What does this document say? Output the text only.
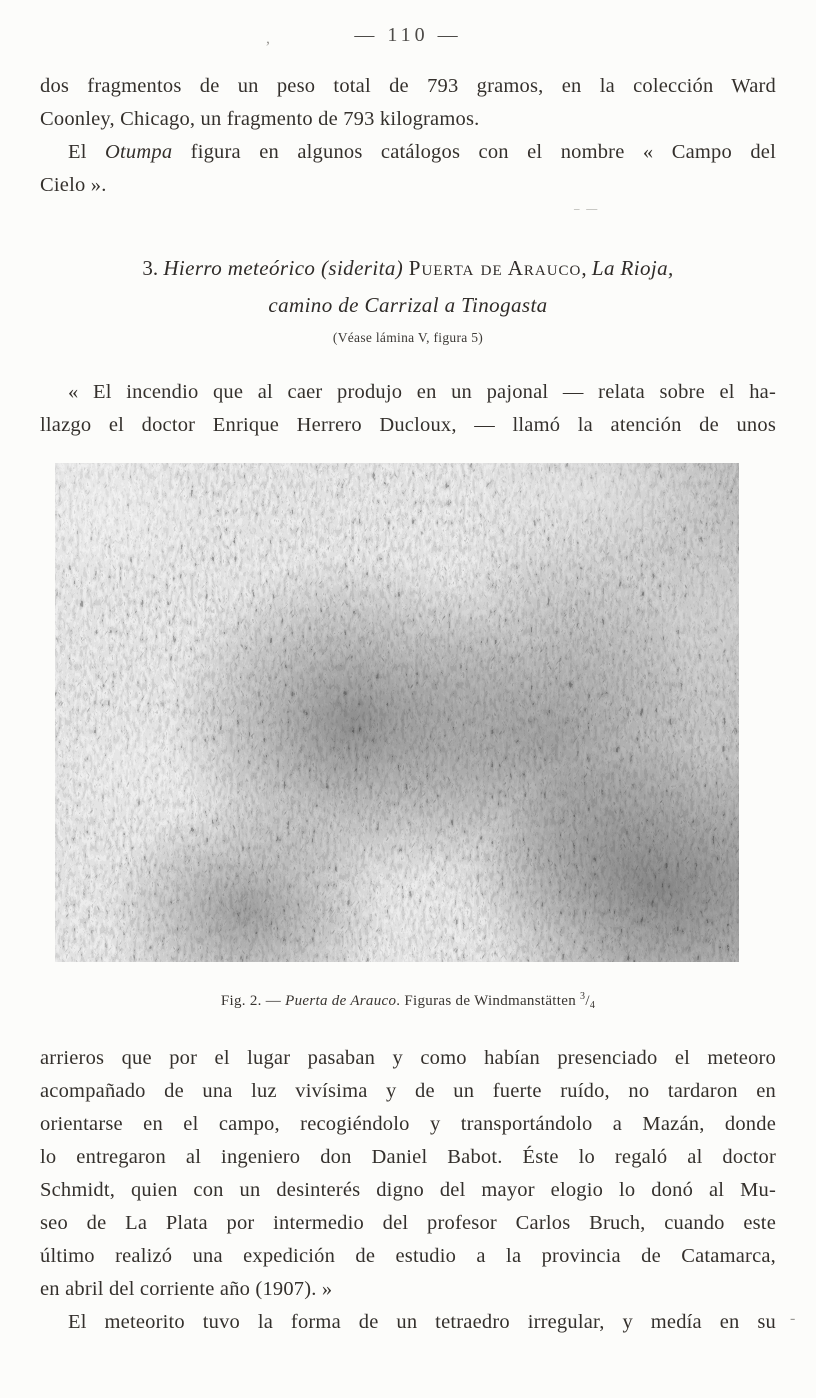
,	— 110 —
dos fragmentos de un peso total de 793 gramos, en la colección Ward
Coonley, Chicago, un fragmento de 793 kilogramos.
El Otumpa figura en algunos catálogos con el nombre « Campo del
Cielo ».
– —
3. Hierro meteórico (siderita) Puerta de Arauco, La Rioja,
camino de Carrizal a Tinogasta
(Véase lámina V, figura 5)
« El incendio que al caer produjo en un pajonal — relata sobre el ha-
llazgo el doctor Enrique Herrero Ducloux, — llamó la atención de unos
Fig. 2. — Puerta de Arauco. Figuras de Windmanstätten $^3/_4$
arrieros que por el lugar pasaban y como habían presenciado el meteoro
acompañado de una luz vivísima y de un fuerte ruído, no tardaron en
orientarse en el campo, recogiéndolo y transportándolo a Mazán, donde
lo entregaron al ingeniero don Daniel Babot. Éste lo regaló al doctor
Schmidt, quien con un desinterés digno del mayor elogio lo donó al Mu-
seo de La Plata por intermedio del profesor Carlos Bruch, cuando este
último realizó una expedición de estudio a la provincia de Catamarca,
en abril del corriente año (1907). »
El meteorito tuvo la forma de un tetraedro irregular, y medía en su -
